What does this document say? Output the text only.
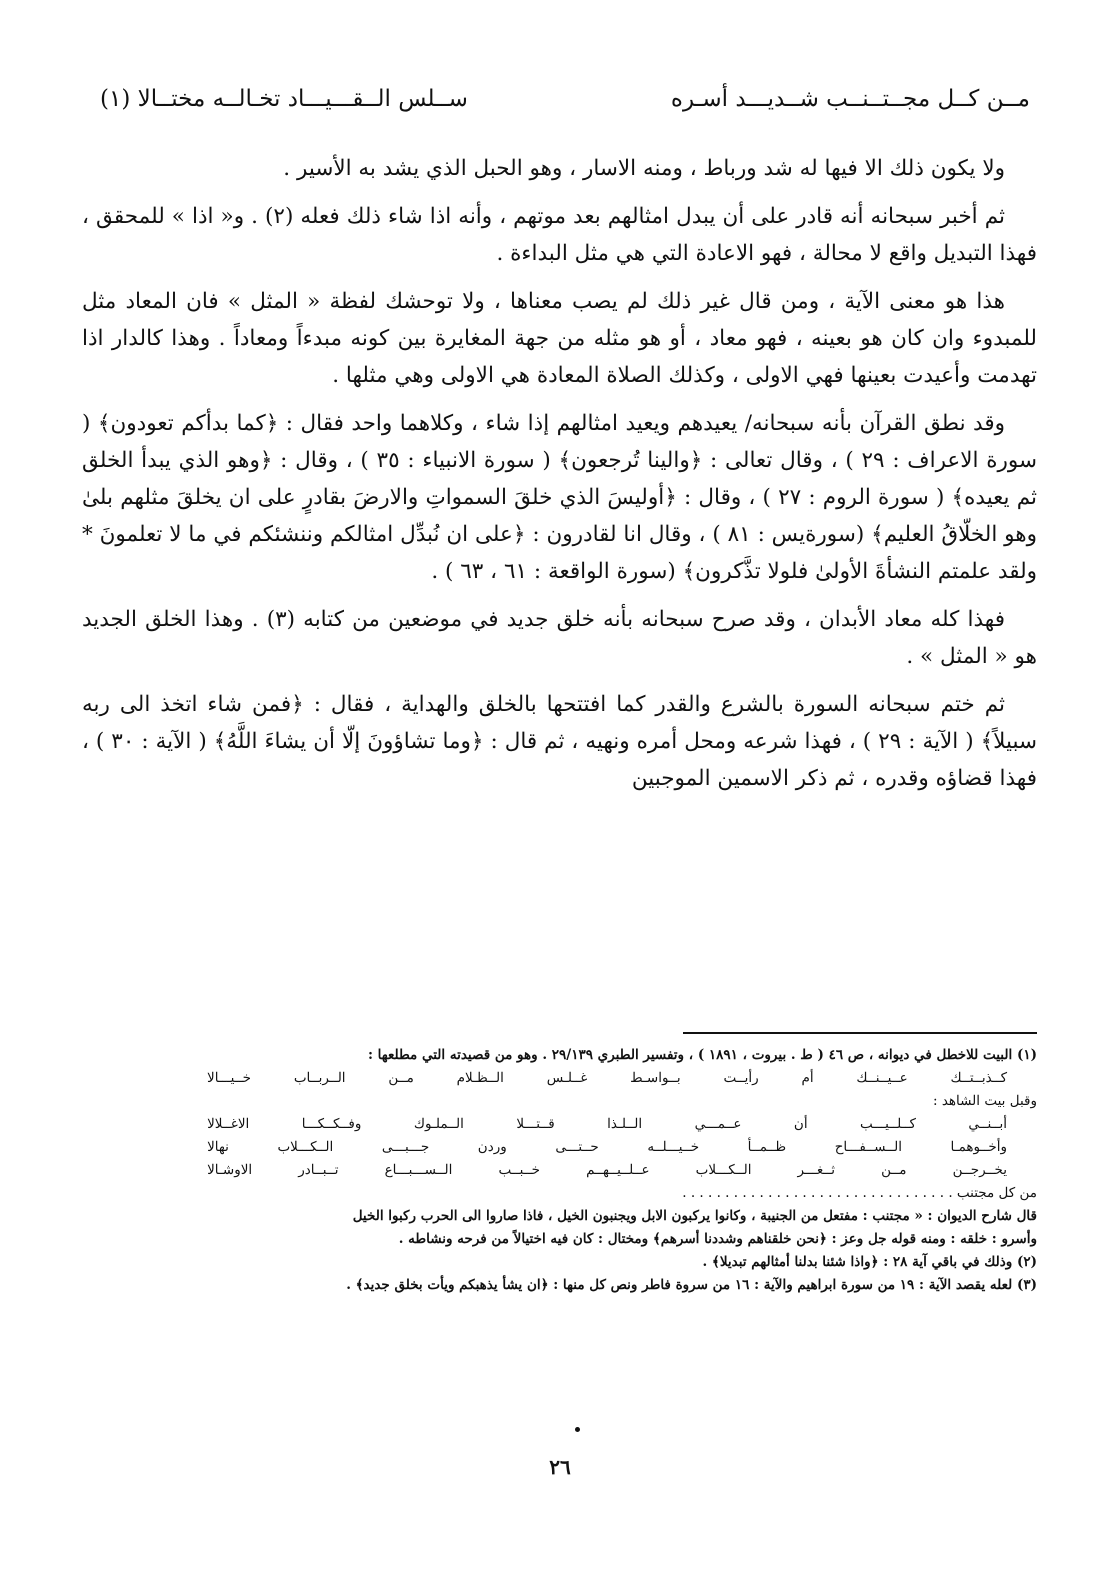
مــن كــل مجــتــنــب شــديـــد أسـره
ســلس الــقـــيـــاد تخـالــه مختــالا (١)

ولا يكون ذلك الا فيها له شد ورباط ، ومنه الاسار ، وهو الحبل الذي يشد به الأسير .

ثم أخبر سبحانه أنه قادر على أن يبدل امثالهم بعد موتهم ، وأنه اذا شاء ذلك فعله (٢) . و« اذا » للمحقق ، فهذا التبديل واقع لا محالة ، فهو الاعادة التي هي مثل البداءة .

هذا هو معنى الآية ، ومن قال غير ذلك لم يصب معناها ، ولا توحشك لفظة « المثل » فان المعاد مثل للمبدوء وان كان هو بعينه ، فهو معاد ، أو هو مثله من جهة المغايرة بين كونه مبدءاً ومعاداً . وهذا كالدار اذا تهدمت وأعيدت بعينها فهي الاولى ، وكذلك الصلاة المعادة هي الاولى وهي مثلها .

وقد نطق القرآن بأنه سبحانه/ يعيدهم ويعيد امثالهم إذا شاء ، وكلاهما واحد فقال : ﴿كما بدأكم تعودون﴾ ( سورة الاعراف : ٢٩ ) ، وقال تعالى : ﴿والينا تُرجعون﴾ ( سورة الانبياء : ٣٥ ) ، وقال : ﴿وهو الذي يبدأ الخلق ثم يعيده﴾ ( سورة الروم : ٢٧ ) ، وقال : ﴿أوليسَ الذي خلقَ السمواتِ والارضَ بقادرٍ على ان يخلقَ مثلهم بلىٰ وهو الخلّاقُ العليم﴾ (سورةيس : ٨١ ) ، وقال انا لقادرون : ﴿على ان نُبدِّل امثالكم وننشئكم في ما لا تعلمونَ * ولقد علمتم النشأةَ الأولىٰ فلولا تذَّكرون﴾ (سورة الواقعة : ٦١ ، ٦٣ ) .

فهذا كله معاد الأبدان ، وقد صرح سبحانه بأنه خلق جديد في موضعين من كتابه (٣) . وهذا الخلق الجديد هو « المثل » .

ثم ختم سبحانه السورة بالشرع والقدر كما افتتحها بالخلق والهداية ، فقال : ﴿فمن شاء اتخذ الى ربه سبيلاً﴾ ( الآية : ٢٩ ) ، فهذا شرعه ومحل أمره ونهيه ، ثم قال : ﴿وما تشاؤونَ إلّا أن يشاءَ اللَّهُ﴾ ( الآية : ٣٠ ) ، فهذا قضاؤه وقدره ، ثم ذكر الاسمين الموجبين

(١) البيت للاخطل في ديوانه ، ص ٤٦ ( ط . بيروت ، ١٨٩١ ) ، وتفسير الطبري ٢٩/١٣٩ . وهو من قصيدته التي مطلعها :

كــذبــتــك
عــيــنــك
أم
رأيــت
بــواسـط
غــلـس
الــظـلام
مــن
الــربــاب
خــيـــالا

وقبل بيت الشاهد :

أبــنــي
كــلــيـــب
أن
عــمـــي
الــلـذا
قــتـــلا
الــملـوك
وفــكــكـــا
الاغــلالا
وأخــوهمـا
الــســفـــاح
ظــمــأ
خــيـــلــه
حــتـــى
وردن
جـــبـــى
الــكـــلاب
نهالا
يخــرجــن
مــن
ثــغـــر
الــكـــلاب
عــلــيــهــم
خــبــب
الــســـبـــاع
تــبــادر
الاوشـالا

من كل مجتنب . . . . . . . . . . . . . . . . . . . . . . . . . . . . . . . .

قال شارح الديوان : « مجتنب : مفتعل من الجنيبة ، وكانوا يركبون الابل ويجنبون الخيل ، فاذا صاروا الى الحرب ركبوا الخيل

وأسرو : خلقه : ومنه قوله جل وعز : ﴿نحن خلقناهم وشددنا أسرهم﴾ ومختال : كان فيه اختيالاً من فرحه ونشاطه .

(٢) وذلك في باقي آية ٢٨ : ﴿واذا شئنا بدلنا أمثالهم تبديلا﴾ .

(٣) لعله يقصد الآية : ١٩ من سورة ابراهيم والآية : ١٦ من سروة فاطر ونص كل منها : ﴿ان يشأ يذهبكم ويأت بخلق جديد﴾ .

٢٦
